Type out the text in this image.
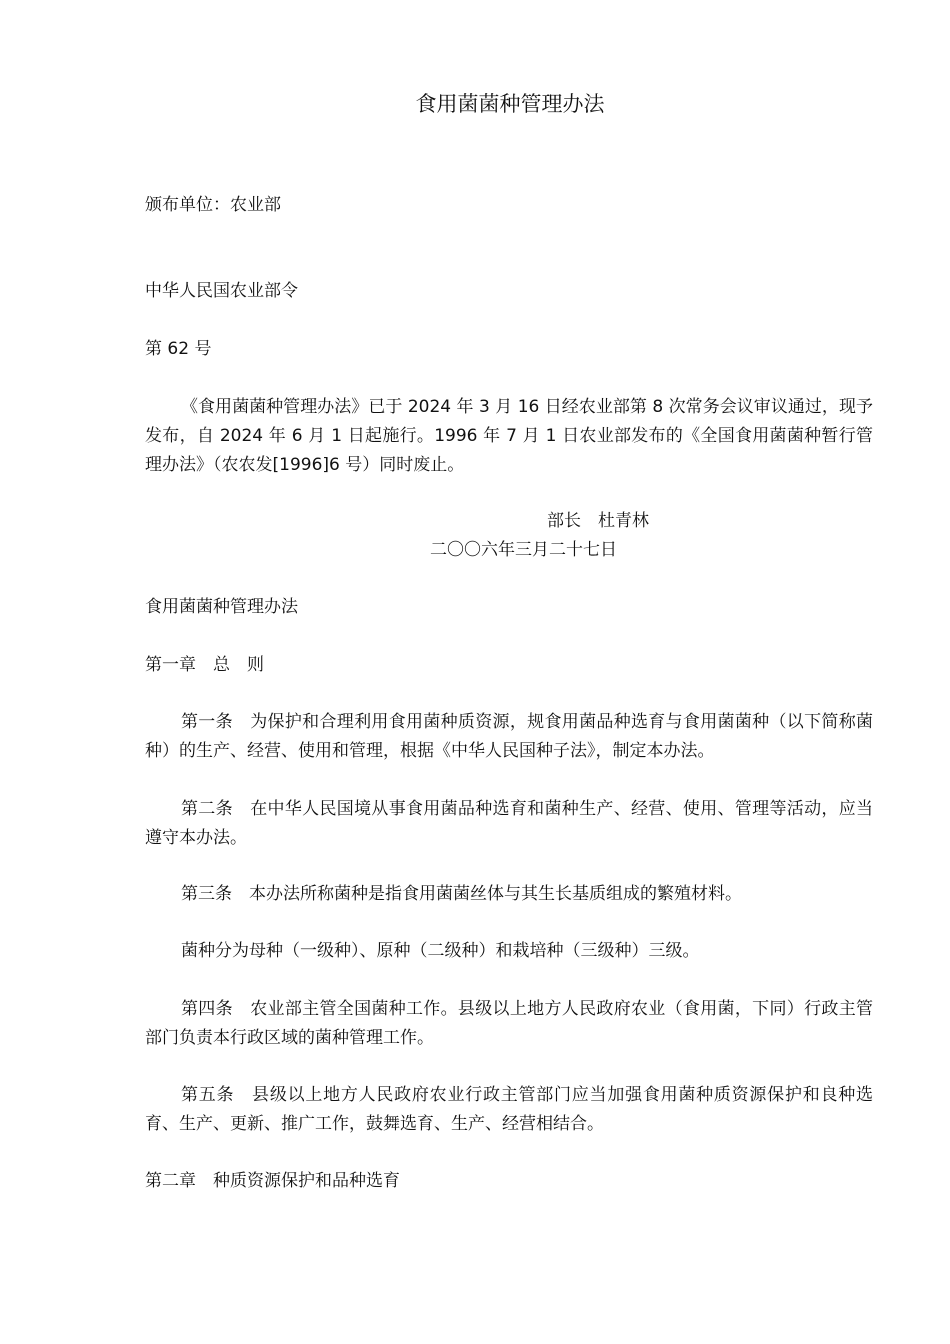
食用菌菌种管理办法
颁布单位：农业部
中华人民国农业部令
第 62 号
《食用菌菌种管理办法》已于 2024 年 3 月 16 日经农业部第 8 次常务会议审议通过，现予发布，自 2024 年 6 月 1 日起施行。1996 年 7 月 1 日农业部发布的《全国食用菌菌种暂行管理办法》（农农发[1996]6 号）同时废止。
部长　杜青林
二〇〇六年三月二十七日
食用菌菌种管理办法
第一章　总　则
第一条　为保护和合理利用食用菌种质资源，规食用菌品种选育与食用菌菌种（以下简称菌种）的生产、经营、使用和管理，根据《中华人民国种子法》，制定本办法。
第二条　在中华人民国境从事食用菌品种选育和菌种生产、经营、使用、管理等活动，应当遵守本办法。
第三条　本办法所称菌种是指食用菌菌丝体与其生长基质组成的繁殖材料。
菌种分为母种（一级种）、原种（二级种）和栽培种（三级种）三级。
第四条　农业部主管全国菌种工作。县级以上地方人民政府农业（食用菌，下同）行政主管部门负责本行政区域的菌种管理工作。
第五条　县级以上地方人民政府农业行政主管部门应当加强食用菌种质资源保护和良种选育、生产、更新、推广工作，鼓舞选育、生产、经营相结合。
第二章　种质资源保护和品种选育
